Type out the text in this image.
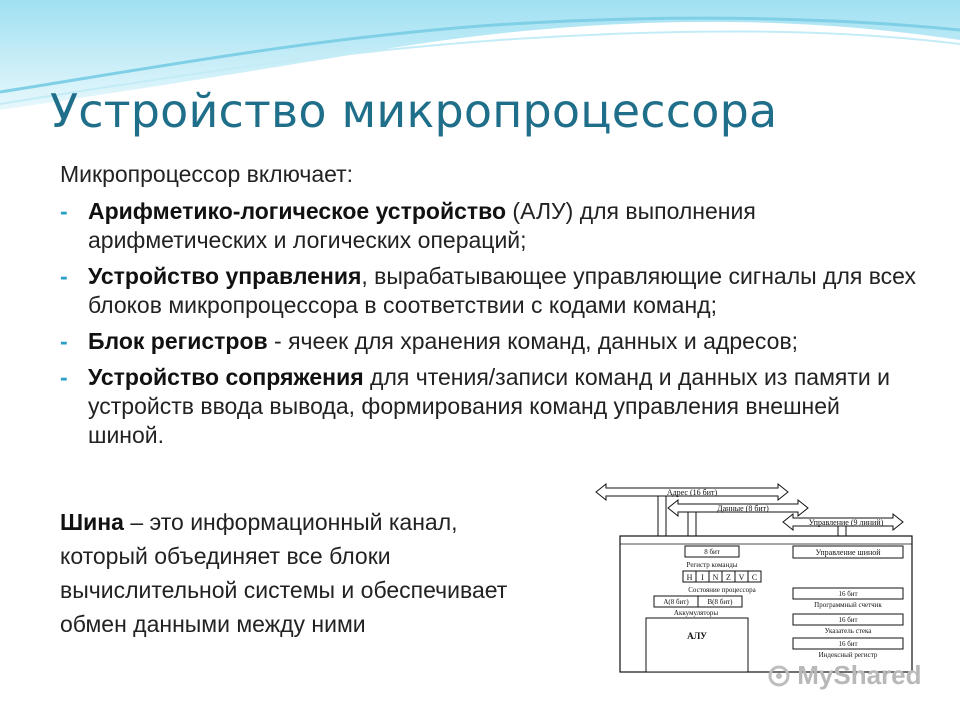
Устройство микропроцессора

Микропроцессор включает:

- Арифметико-логическое устройство (АЛУ) для выполнения арифметических и логических операций;
- Устройство управления, вырабатывающее управляющие сигналы для всех блоков микропроцессора в соответствии с кодами команд;
- Блок регистров - ячеек для хранения команд, данных и адресов;
- Устройство сопряжения для чтения/записи команд и данных из памяти и устройств ввода вывода, формирования команд управления внешней шиной.

Шина – это информационный канал,

который объединяет все блоки

вычислительной системы и обеспечивает

обмен данными между ними

Адрес (16 бит)
Данные (8 бит)
Управление (9 линий)
Управление шиной
8 бит
Регистр команды
H I N Z V C
Состояние процессора
А(8 бит)	В(8 бит)
Аккумуляторы
АЛУ
16 бит
Программный счетчик
16 бит
Указатель стека
16 бит
Индексный регистр
MyShared
